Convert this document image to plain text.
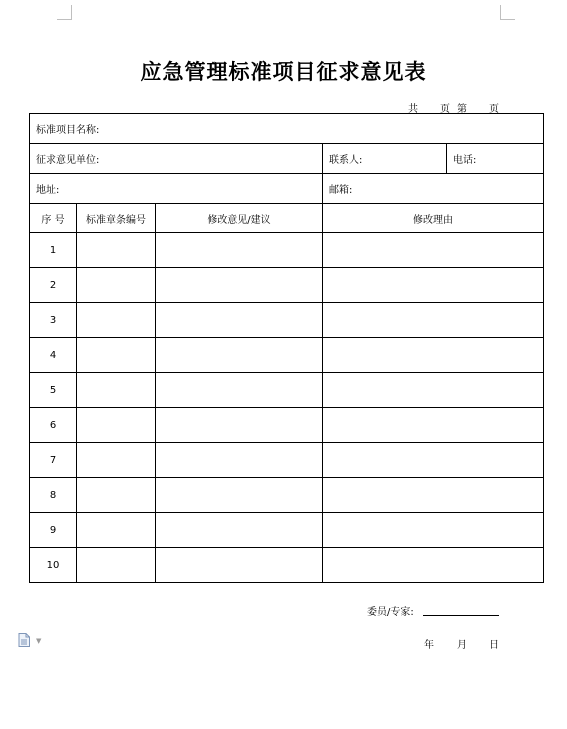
应急管理标准项目征求意见表
共 页 第 页
标准项目名称:				
征求意见单位:			联系人:	电话:
地址:			邮箱:	
序 号	标准章条编号	修改意见/建议	修改理由	
1				
2				
3				
4				
5				
6				
7				
8				
9				
10				
委员/专家:
年 月 日
▼
